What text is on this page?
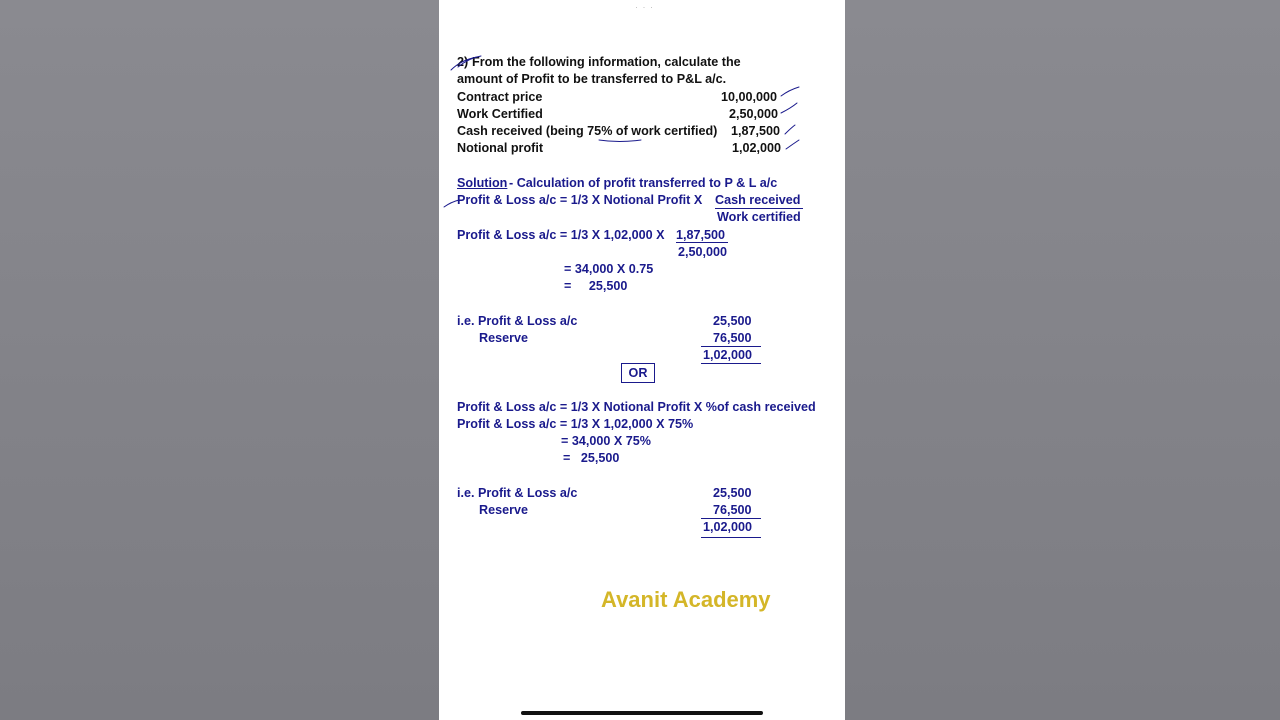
· · ·
2) From the following information, calculate the
amount of Profit to be transferred to P&L a/c.
Contract price	10,00,000
Work Certified	2,50,000
Cash received (being 75% of work certified) 1,87,500
Notional profit	1,02,000
Solution - Calculation of profit transferred to P & L a/c
Profit & Loss a/c = 1/3 X Notional Profit X Cash received
Work certified
Profit & Loss a/c = 1/3 X 1,02,000 X 1,87,500
2,50,000
= 34,000 X 0.75
=     25,500
i.e. Profit & Loss a/c	25,500
Reserve	76,500
1,02,000
OR
Profit & Loss a/c = 1/3 X Notional Profit X %of cash received
Profit & Loss a/c = 1/3 X 1,02,000 X 75%
= 34,000 X 75%
=   25,500
i.e. Profit & Loss a/c	25,500
Reserve	76,500
1,02,000
Avanit Academy
